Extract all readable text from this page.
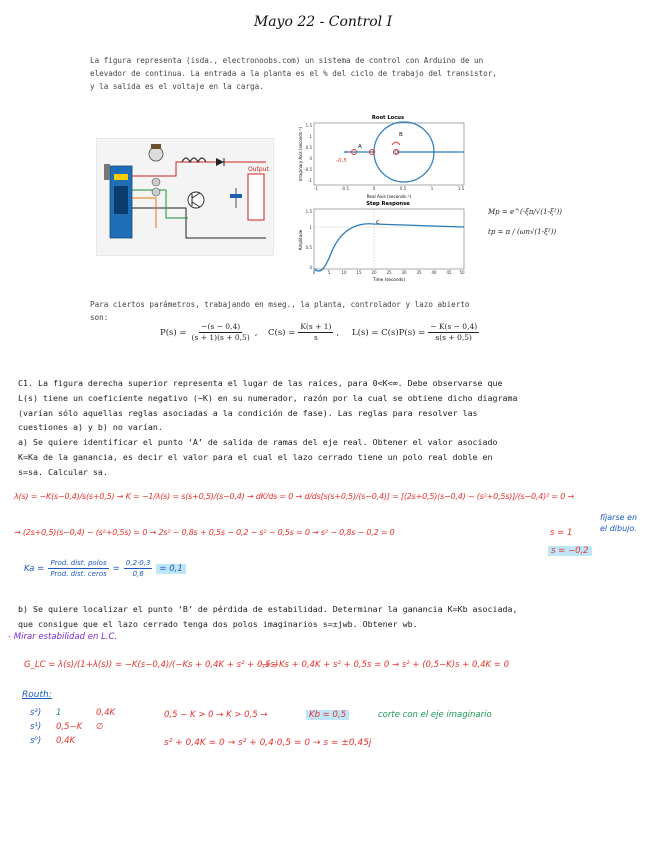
Mayo 22 - Control I
La figura representa (isda., electronoobs.com) un sistema de control con Arduino de un
elevador de continua. La entrada a la planta es el % del ciclo de trabajo del transistor,
y la salida es el voltaje en la carga.
Output
Root Locus
1.5
1
0.5
0
-0.5
-1
-1	-0.5	0	0.5	1	1.5
Real Axis (seconds⁻¹)
Imaginary Axis (seconds⁻¹)	×	×
-0,5
A
B
Step Response
1.5
1
0.5
0
0	5	10 15 20 25 30 35 40 45 50
Time (seconds)
Amplitude
C
Mp = e^(-ξπ/√(1-ξ²))
tp = π / (ωn√(1-ξ²))
Para ciertos parámetros, trabajando en mseg., la planta, controlador y lazo abierto
son:
$P(s) = \frac{-(s - 0,4)}{(s + 1)(s + 0,5)}$ , $C(s) = \frac{K(s + 1)}{s}$ , $L(s) = C(s)P(s) = \frac{- K(s - 0,4)}{s(s + 0,5)}$
C1. La figura derecha superior representa el lugar de las raíces, para 0<K<∞. Debe observarse que
L(s) tiene un coeficiente negativo (−K) en su numerador, razón por la cual se obtiene dicho diagrama
(varían sólo aquellas reglas asociadas a la condición de fase). Las reglas para resolver las
cuestiones a) y b) no varían.
a) Se quiere identificar el punto ‘A’ de salida de ramas del eje real. Obtener el valor asociado
K=Ka de la ganancia, es decir el valor para el cual el lazo cerrado tiene un polo real doble en
s=sa. Calcular sa.
λ(s) = −K(s−0,4)/s(s+0,5) → K = −1/λ(s) = s(s+0,5)/(s−0,4) → dK/ds = 0 → d/ds[s(s+0,5)/(s−0,4)] = [(2s+0,5)(s−0,4) − (s²+0,5s)]/(s−0,4)² = 0 →
→ (2s+0,5)(s−0,4) − (s²+0,5s) = 0 → 2s² − 0,8s + 0,5s − 0,2 − s² − 0,5s = 0 → s² − 0,8s − 0,2 = 0	s = 1
s = −0,2
fíjarse en el dibujo.
$Ka = \frac{\text{Prod. dist. polos}}{\text{Prod. dist. ceros}} = \frac{0,2\cdot 0,3}{0,6} = 0,1$
b) Se quiere localizar el punto ‘B’ de pérdida de estabilidad. Determinar la ganancia K=Kb asociada,
que consigue que el lazo cerrado tenga dos polos imaginarios s=±jwb. Obtener wb.
- Mirar estabilidad en L.C.
G_LC = λ(s)/(1+λ(s)) = −K(s−0,4)/(−Ks + 0,4K + s² + 0,5s)
→ −Ks + 0,4K + s² + 0,5s = 0 → s² + (0,5−K)s + 0,4K = 0
Routh:
s²) 1	0,4K
s¹) 0,5−K ∅
s⁰) 0,4K
0,5 − K > 0 → K > 0,5 →	Kb = 0,5	corte con el eje imaginario
s² + 0,4K = 0 → s² + 0,4·0,5 = 0 → s = ±0,45j
